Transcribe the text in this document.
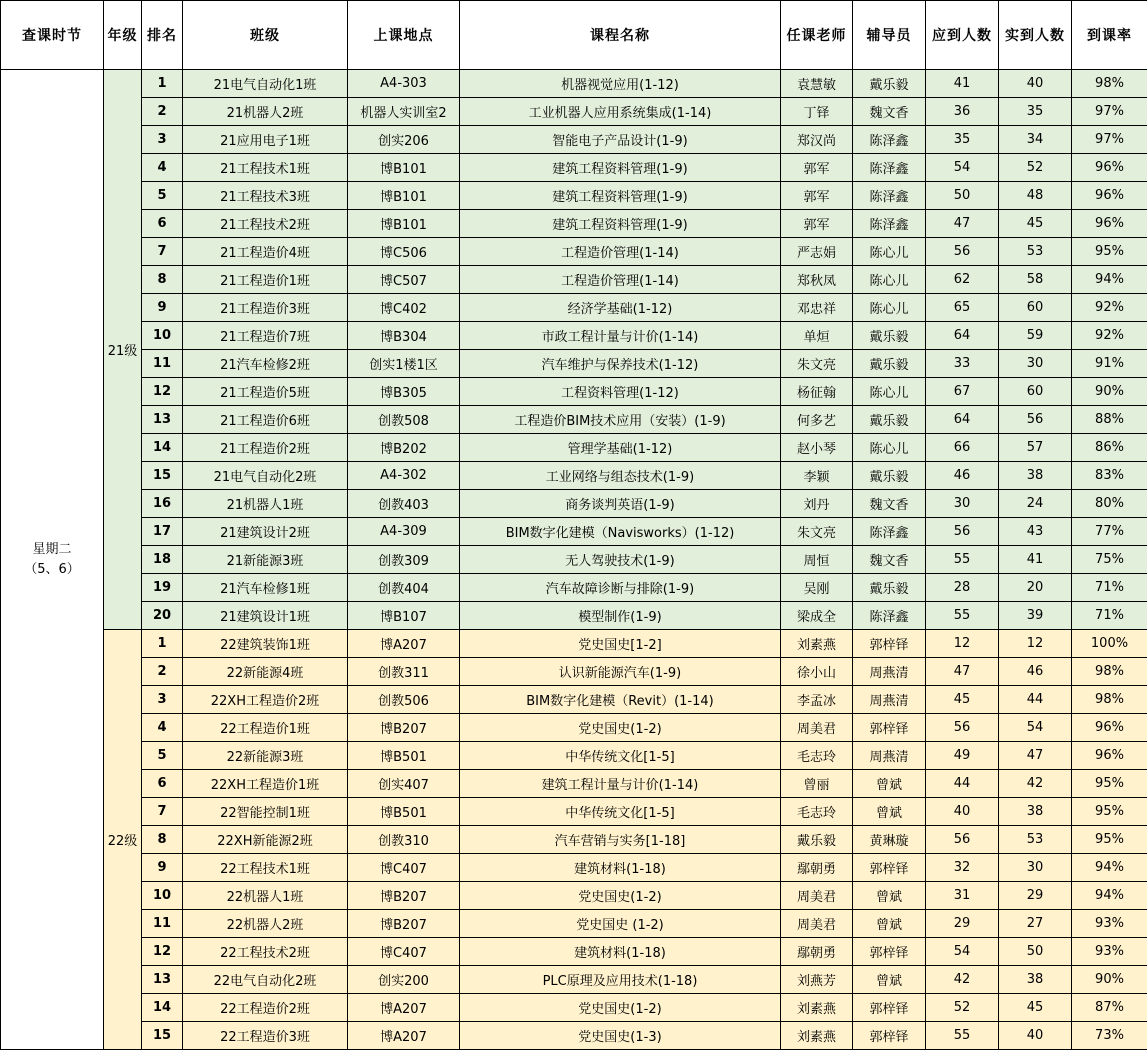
查课时节	年级	排名	班级	上课地点	课程名称	任课老师	辅导员	应到人数	实到人数	到课率

星期二
（5、6）	21级	1	21电气自动化1班	A4-303	机器视觉应用(1-12)	袁慧敏	戴乐毅	41	40	98%
		2	21机器人2班	机器人实训室2	工业机器人应用系统集成(1-14)	丁铎	魏文香	36	35	97%
		3	21应用电子1班	创实206	智能电子产品设计(1-9)	郑汉尚	陈泽鑫	35	34	97%
		4	21工程技术1班	博B101	建筑工程资料管理(1-9)	郭军	陈泽鑫	54	52	96%
		5	21工程技术3班	博B101	建筑工程资料管理(1-9)	郭军	陈泽鑫	50	48	96%
		6	21工程技术2班	博B101	建筑工程资料管理(1-9)	郭军	陈泽鑫	47	45	96%
		7	21工程造价4班	博C506	工程造价管理(1-14)	严志娟	陈心儿	56	53	95%
		8	21工程造价1班	博C507	工程造价管理(1-14)	郑秋凤	陈心儿	62	58	94%
		9	21工程造价3班	博C402	经济学基础(1-12)	邓忠祥	陈心儿	65	60	92%
		10	21工程造价7班	博B304	市政工程计量与计价(1-14)	单烜	戴乐毅	64	59	92%
		11	21汽车检修2班	创实1楼1区	汽车维护与保养技术(1-12)	朱文亮	戴乐毅	33	30	91%
		12	21工程造价5班	博B305	工程资料管理(1-12)	杨征翰	陈心儿	67	60	90%
		13	21工程造价6班	创教508	工程造价BIM技术应用（安装）(1-9)	何多艺	戴乐毅	64	56	88%
		14	21工程造价2班	博B202	管理学基础(1-12)	赵小琴	陈心儿	66	57	86%
		15	21电气自动化2班	A4-302	工业网络与组态技术(1-9)	李颖	戴乐毅	46	38	83%
		16	21机器人1班	创教403	商务谈判英语(1-9)	刘丹	魏文香	30	24	80%
		17	21建筑设计2班	A4-309	BIM数字化建模（Navisworks）(1-12)	朱文亮	陈泽鑫	56	43	77%
		18	21新能源3班	创教309	无人驾驶技术(1-9)	周恒	魏文香	55	41	75%
		19	21汽车检修1班	创教404	汽车故障诊断与排除(1-9)	吴刚	戴乐毅	28	20	71%
		20	21建筑设计1班	博B107	模型制作(1-9)	梁成全	陈泽鑫	55	39	71%
	22级	1	22建筑装饰1班	博A207	党史国史[1-2]	刘素燕	郭梓铎	12	12	100%
		2	22新能源4班	创教311	认识新能源汽车(1-9)	徐小山	周燕清	47	46	98%
		3	22XH工程造价2班	创教506	BIM数字化建模（Revit）(1-14)	李孟冰	周燕清	45	44	98%
		4	22工程造价1班	博B207	党史国史(1-2)	周美君	郭梓铎	56	54	96%
		5	22新能源3班	博B501	中华传统文化[1-5]	毛志玲	周燕清	49	47	96%
		6	22XH工程造价1班	创实407	建筑工程计量与计价(1-14)	曾丽	曾斌	44	42	95%
		7	22智能控制1班	博B501	中华传统文化[1-5]	毛志玲	曾斌	40	38	95%
		8	22XH新能源2班	创教310	汽车营销与实务[1-18]	戴乐毅	黄琳璇	56	53	95%
		9	22工程技术1班	博C407	建筑材料(1-18)	鄢朝勇	郭梓铎	32	30	94%
		10	22机器人1班	博B207	党史国史(1-2)	周美君	曾斌	31	29	94%
		11	22机器人2班	博B207	党史国史 (1-2)	周美君	曾斌	29	27	93%
		12	22工程技术2班	博C407	建筑材料(1-18)	鄢朝勇	郭梓铎	54	50	93%
		13	22电气自动化2班	创实200	PLC原理及应用技术(1-18)	刘燕芳	曾斌	42	38	90%
		14	22工程造价2班	博A207	党史国史(1-2)	刘素燕	郭梓铎	52	45	87%
		15	22工程造价3班	博A207	党史国史(1-3)	刘素燕	郭梓铎	55	40	73%
